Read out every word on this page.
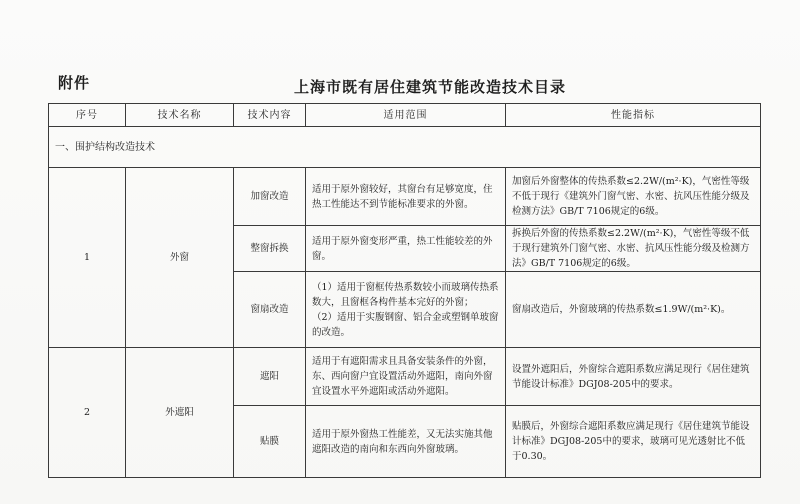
附件	上海市既有居住建筑节能改造技术目录
序号	技术名称	技术内容	适用范围	性能指标
一、围护结构改造技术				
1	外窗	加窗改造	适用于原外窗较好，其窗台有足够宽度，住热工性能达不到节能标准要求的外窗。	加窗后外窗整体的传热系数≤2.2W/(m²·K)，气密性等级不低于现行《建筑外门窗气密、水密、抗风压性能分级及检测方法》GB/T 7106规定的6级。
		整窗拆换	适用于原外窗变形严重，热工性能较差的外窗。	拆换后外窗的传热系数≤2.2W/(m²·K)，气密性等级不低于现行建筑外门窗气密、水密、抗风压性能分级及检测方法》GB/T 7106规定的6级。
		窗扇改造	（1）适用于窗框传热系数较小而玻璃传热系数大，且窗框各构件基本完好的外窗；
（2）适用于实腹钢窗、铝合金或塑钢单玻窗的改造。	窗扇改造后，外窗玻璃的传热系数≤1.9W/(m²·K)。
2	外遮阳	遮阳	适用于有遮阳需求且具备安装条件的外窗，东、西向窗户宜设置活动外遮阳，南向外窗宜设置水平外遮阳或活动外遮阳。	设置外遮阳后，外窗综合遮阳系数应满足现行《居住建筑节能设计标准》DGJ08-205中的要求。
		贴膜	适用于原外窗热工性能差，又无法实施其他遮阳改造的南向和东西向外窗玻璃。	贴膜后，外窗综合遮阳系数应满足现行《居住建筑节能设计标准》DGJ08-205中的要求，玻璃可见光透射比不低于0.30。
